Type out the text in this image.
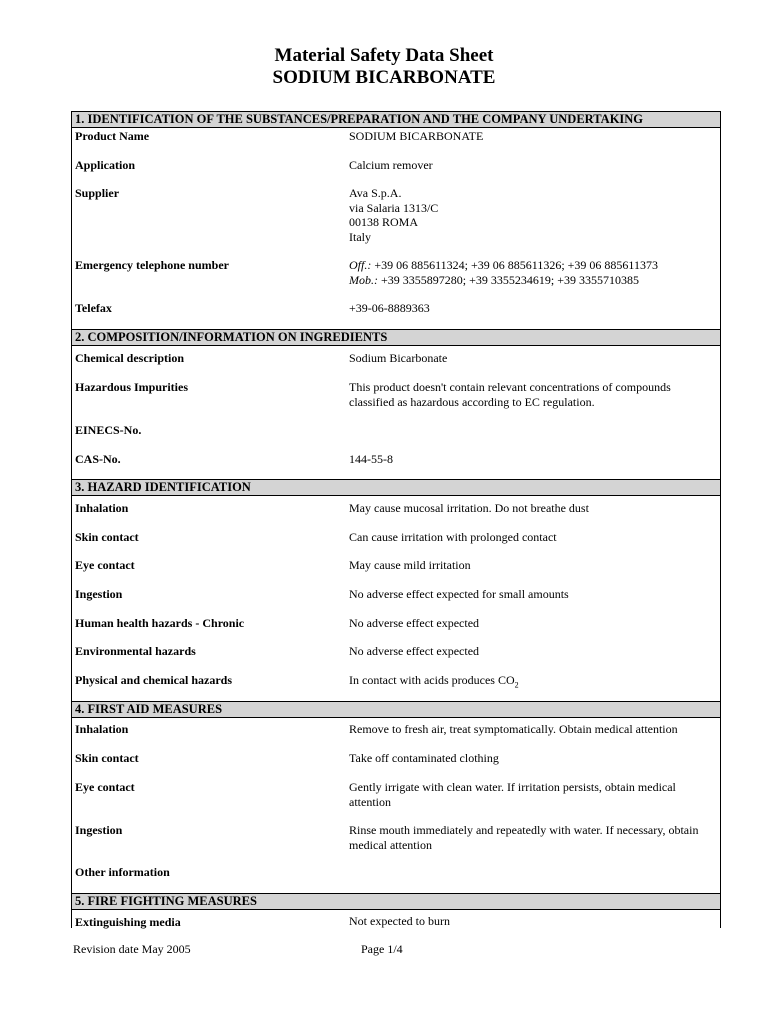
Material Safety Data Sheet
SODIUM BICARBONATE
1. IDENTIFICATION OF THE SUBSTANCES/PREPARATION AND THE COMPANY UNDERTAKING
Product Name	SODIUM BICARBONATE
Application	Calcium remover
Supplier	Ava S.p.A.
via Salaria 1313/C
00138 ROMA
Italy
Emergency telephone number	Off.: +39 06 885611324; +39 06 885611326; +39 06 885611373
Mob.: +39 3355897280; +39 3355234619; +39 3355710385
Telefax	+39-06-8889363
2. COMPOSITION/INFORMATION ON INGREDIENTS
Chemical description	Sodium Bicarbonate
Hazardous Impurities	This product doesn't contain relevant concentrations of compounds classified as hazardous according to EC regulation.
EINECS-No.
CAS-No.	144-55-8
3. HAZARD IDENTIFICATION
Inhalation	May cause mucosal irritation. Do not breathe dust
Skin contact	Can cause irritation with prolonged contact
Eye contact	May cause mild irritation
Ingestion	No adverse effect expected for small amounts
Human health hazards - Chronic	No adverse effect expected
Environmental hazards	No adverse effect expected
Physical and chemical hazards	In contact with acids produces $CO_2$
4. FIRST AID MEASURES
Inhalation	Remove to fresh air, treat symptomatically. Obtain medical attention
Skin contact	Take off contaminated clothing
Eye contact	Gently irrigate with clean water. If irritation persists, obtain medical attention
Ingestion	Rinse mouth immediately and repeatedly with water. If necessary, obtain medical attention
Other information
5. FIRE FIGHTING MEASURES
Extinguishing media	Not expected to burn
Revision date May 2005	Page 1/4
